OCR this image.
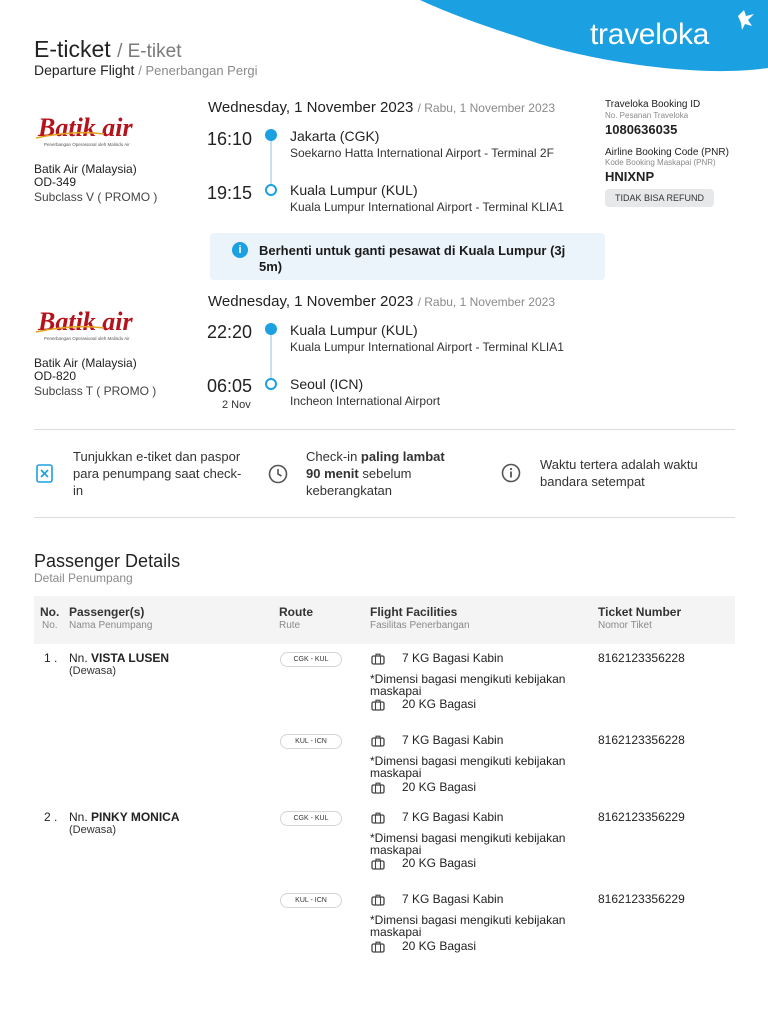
traveloka
E-ticket / E-tiket
Departure Flight / Penerbangan Pergi
Traveloka Booking ID
No. Pesanan Traveloka
1080636035
Airline Booking Code (PNR)
Kode Booking Maskapai (PNR)
HNIXNP
TIDAK BISA REFUND
Batik air
Penerbangan Operasional oleh Malindo Air
Batik Air (Malaysia)
OD-349
Subclass V ( PROMO )
Wednesday, 1 November 2023 / Rabu, 1 November 2023
16:10	Jakarta (CGK)
Soekarno Hatta International Airport - Terminal 2F
19:15	Kuala Lumpur (KUL)
Kuala Lumpur International Airport - Terminal KLIA1
i	Berhenti untuk ganti pesawat di Kuala Lumpur (3j 5m)
Batik air
Penerbangan Operasional oleh Malindo Air
Batik Air (Malaysia)
OD-820
Subclass T ( PROMO )
Wednesday, 1 November 2023 / Rabu, 1 November 2023
22:20	Kuala Lumpur (KUL)
Kuala Lumpur International Airport - Terminal KLIA1
06:05
2 Nov
Seoul (ICN)
Incheon International Airport
Tunjukkan e-tiket dan paspor para penumpang saat check-in
Check-in paling lambat
90 menit sebelum keberangkatan
Waktu tertera adalah waktu bandara setempat
Passenger Details
Detail Penumpang
No.
No.
Passenger(s)
Nama Penumpang
Route
Rute
Flight Facilities
Fasilitas Penerbangan
Ticket Number
Nomor Tiket
1 . Nn. VISTA LUSEN
(Dewasa)
CGK - KUL	7 KG Bagasi Kabin
*Dimensi bagasi mengikuti kebijakan maskapai
20 KG Bagasi
8162123356228
KUL - ICN	7 KG Bagasi Kabin
*Dimensi bagasi mengikuti kebijakan maskapai
20 KG Bagasi
8162123356228
2 . Nn. PINKY MONICA
(Dewasa)
CGK - KUL	7 KG Bagasi Kabin
*Dimensi bagasi mengikuti kebijakan maskapai
20 KG Bagasi
8162123356229
KUL - ICN	7 KG Bagasi Kabin
*Dimensi bagasi mengikuti kebijakan maskapai
20 KG Bagasi
8162123356229
